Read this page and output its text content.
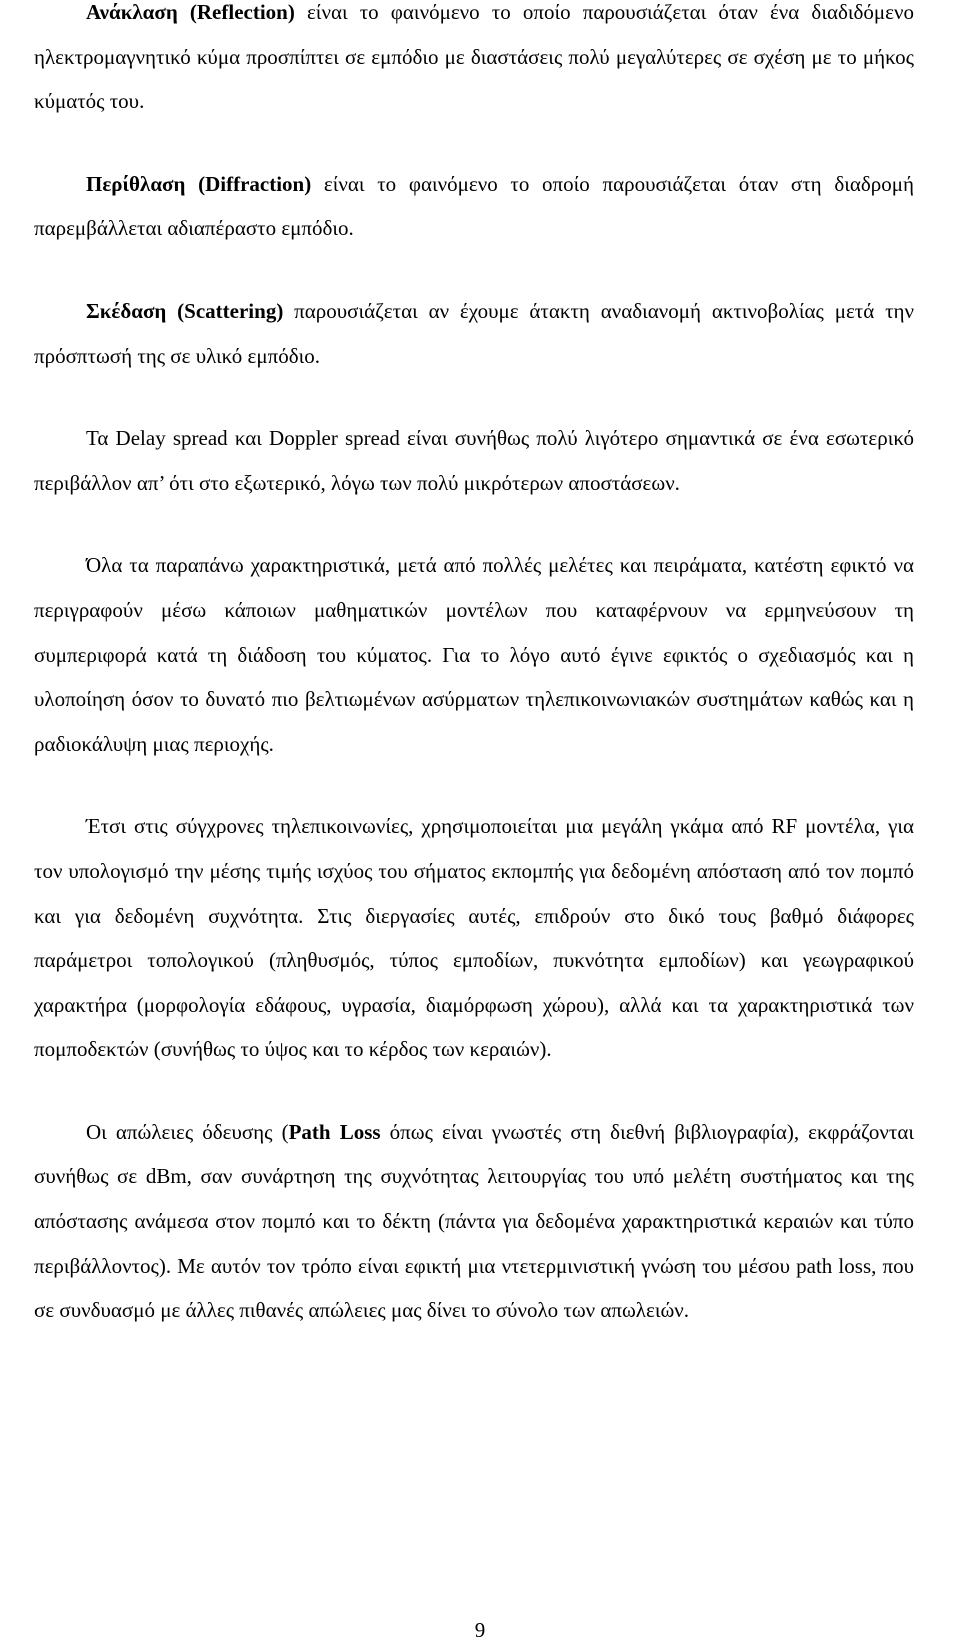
Ανάκλαση (Reflection) είναι το φαινόμενο το οποίο παρουσιάζεται όταν ένα διαδιδόμενο ηλεκτρομαγνητικό κύμα προσπίπτει σε εμπόδιο με διαστάσεις πολύ μεγαλύτερες σε σχέση με το μήκος κύματός του.

Περίθλαση (Diffraction) είναι το φαινόμενο το οποίο παρουσιάζεται όταν στη διαδρομή παρεμβάλλεται αδιαπέραστο εμπόδιο.

Σκέδαση (Scattering) παρουσιάζεται αν έχουμε άτακτη αναδιανομή ακτινοβολίας μετά την πρόσπτωσή της σε υλικό εμπόδιο.

Τα Delay spread και Doppler spread είναι συνήθως πολύ λιγότερο σημαντικά σε ένα εσωτερικό περιβάλλον απ’ ότι στο εξωτερικό, λόγω των πολύ μικρότερων αποστάσεων.

Όλα τα παραπάνω χαρακτηριστικά, μετά από πολλές μελέτες και πειράματα, κατέστη εφικτό να περιγραφούν μέσω κάποιων μαθηματικών μοντέλων που καταφέρνουν να ερμηνεύσουν τη συμπεριφορά κατά τη διάδοση του κύματος. Για το λόγο αυτό έγινε εφικτός ο σχεδιασμός και η υλοποίηση όσον το δυνατό πιο βελτιωμένων ασύρματων τηλεπικοινωνιακών συστημάτων καθώς και η ραδιοκάλυψη μιας περιοχής.

Έτσι στις σύγχρονες τηλεπικοινωνίες, χρησιμοποιείται μια μεγάλη γκάμα από RF μοντέλα, για τον υπολογισμό την μέσης τιμής ισχύος του σήματος εκπομπής για δεδομένη απόσταση από τον πομπό και για δεδομένη συχνότητα. Στις διεργασίες αυτές, επιδρούν στο δικό τους βαθμό διάφορες παράμετροι τοπολογικού (πληθυσμός, τύπος εμποδίων, πυκνότητα εμποδίων) και γεωγραφικού χαρακτήρα (μορφολογία εδάφους, υγρασία, διαμόρφωση χώρου), αλλά και τα χαρακτηριστικά των πομποδεκτών (συνήθως το ύψος και το κέρδος των κεραιών).

Οι απώλειες όδευσης (Path Loss όπως είναι γνωστές στη διεθνή βιβλιογραφία), εκφράζονται συνήθως σε dBm, σαν συνάρτηση της συχνότητας λειτουργίας του υπό μελέτη συστήματος και της απόστασης ανάμεσα στον πομπό και το δέκτη (πάντα για δεδομένα χαρακτηριστικά κεραιών και τύπο περιβάλλοντος). Με αυτόν τον τρόπο είναι εφικτή μια ντετερμινιστική γνώση του μέσου path loss, που σε συνδυασμό με άλλες πιθανές απώλειες μας δίνει το σύνολο των απωλειών.

9
